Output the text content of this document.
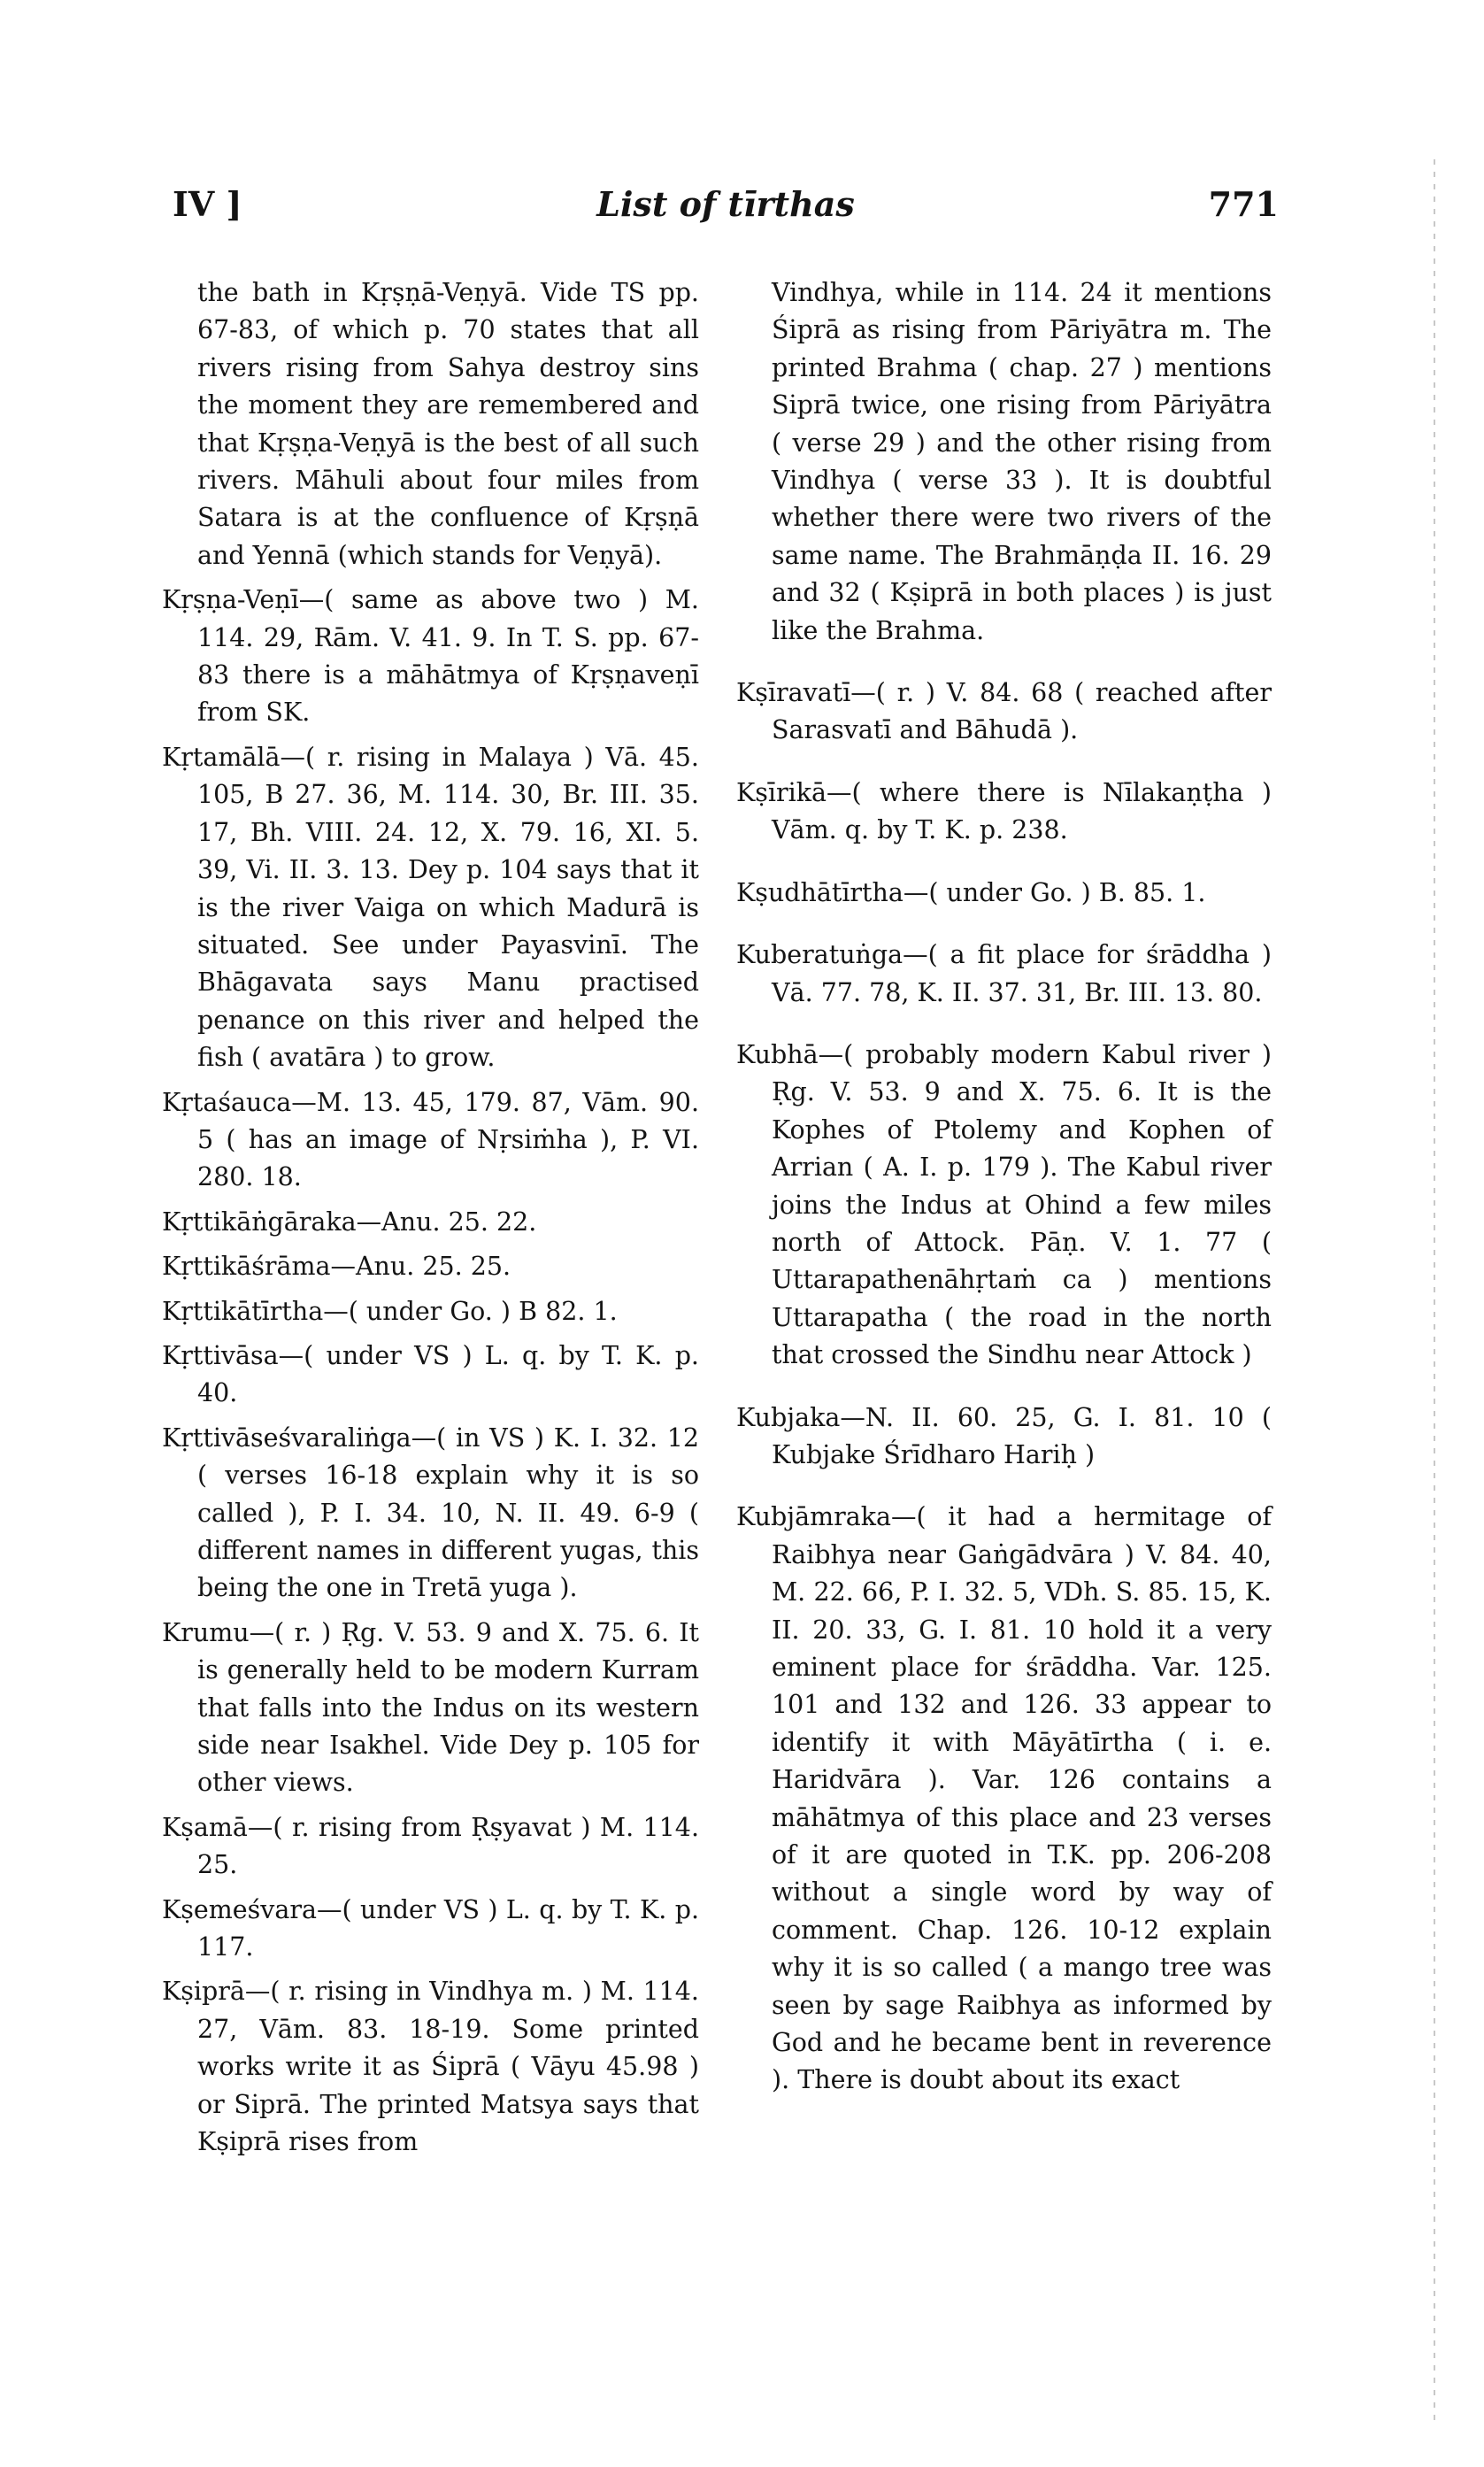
IV ]	List of tīrthas	771

the bath in Kṛṣṇā-Veṇyā. Vide TS pp. 67-83, of which p. 70 states that all rivers rising from Sahya destroy sins the moment they are remembered and that Kṛṣṇa-Veṇyā is the best of all such rivers. Māhuli about four miles from Satara is at the confluence of Kṛṣṇā and Yennā (which stands for Veṇyā).

Kṛṣṇa-Veṇī—( same as above two ) M. 114. 29, Rām. V. 41. 9. In T. S. pp. 67-83 there is a māhātmya of Kṛṣṇaveṇī from SK.

Kṛtamālā—( r. rising in Malaya ) Vā. 45. 105, B 27. 36, M. 114. 30, Br. III. 35. 17, Bh. VIII. 24. 12, X. 79. 16, XI. 5. 39, Vi. II. 3. 13. Dey p. 104 says that it is the river Vaiga on which Madurā is situated. See under Payasvinī. The Bhāgavata says Manu practised penance on this river and helped the fish ( avatāra ) to grow.

Kṛtaśauca—M. 13. 45, 179. 87, Vām. 90. 5 ( has an image of Nṛsiṁha ), P. VI. 280. 18.

Kṛttikāṅgāraka—Anu. 25. 22.

Kṛttikāśrāma—Anu. 25. 25.

Kṛttikātīrtha—( under Go. ) B 82. 1.

Kṛttivāsa—( under VS ) L. q. by T. K. p. 40.

Kṛttivāseśvaraliṅga—( in VS ) K. I. 32. 12 ( verses 16-18 explain why it is so called ), P. I. 34. 10, N. II. 49. 6-9 ( different names in different yugas, this being the one in Tretā yuga ).

Krumu—( r. ) Ṛg. V. 53. 9 and X. 75. 6. It is generally held to be modern Kurram that falls into the Indus on its western side near Isakhel. Vide Dey p. 105 for other views.

Kṣamā—( r. rising from Ṛṣyavat ) M. 114. 25.

Kṣemeśvara—( under VS ) L. q. by T. K. p. 117.

Kṣiprā—( r. rising in Vindhya m. ) M. 114. 27, Vām. 83. 18-19. Some printed works write it as Śiprā ( Vāyu 45.98 ) or Siprā. The printed Matsya says that Kṣiprā rises from

Vindhya, while in 114. 24 it mentions Śiprā as rising from Pāriyātra m. The printed Brahma ( chap. 27 ) mentions Siprā twice, one rising from Pāriyātra ( verse 29 ) and the other rising from Vindhya ( verse 33 ). It is doubtful whether there were two rivers of the same name. The Brahmāṇḍa II. 16. 29 and 32 ( Kṣiprā in both places ) is just like the Brahma.

Kṣīravatī—( r. ) V. 84. 68 ( reached after Sarasvatī and Bāhudā ).

Kṣīrikā—( where there is Nīlakaṇṭha ) Vām. q. by T. K. p. 238.

Kṣudhātīrtha—( under Go. ) B. 85. 1.

Kuberatuṅga—( a fit place for śrāddha ) Vā. 77. 78, K. II. 37. 31, Br. III. 13. 80.

Kubhā—( probably modern Kabul river ) Ṛg. V. 53. 9 and X. 75. 6. It is the Kophes of Ptolemy and Kophen of Arrian ( A. I. p. 179 ). The Kabul river joins the Indus at Ohind a few miles north of Attock. Pāṇ. V. 1. 77 ( Uttarapathenāhṛtaṁ ca ) mentions Uttarapatha ( the road in the north that crossed the Sindhu near Attock )

Kubjaka—N. II. 60. 25, G. I. 81. 10 ( Kubjake Śrīdharo Hariḥ )

Kubjāmraka—( it had a hermitage of Raibhya near Gaṅgādvāra ) V. 84. 40, M. 22. 66, P. I. 32. 5, VDh. S. 85. 15, K. II. 20. 33, G. I. 81. 10 hold it a very eminent place for śrāddha. Var. 125. 101 and 132 and 126. 33 appear to identify it with Māyātīrtha ( i. e. Haridvāra ). Var. 126 contains a māhātmya of this place and 23 verses of it are quoted in T.K. pp. 206-208 without a single word by way of comment. Chap. 126. 10-12 explain why it is so called ( a mango tree was seen by sage Raibhya as informed by God and he became bent in reverence ). There is doubt about its exact
